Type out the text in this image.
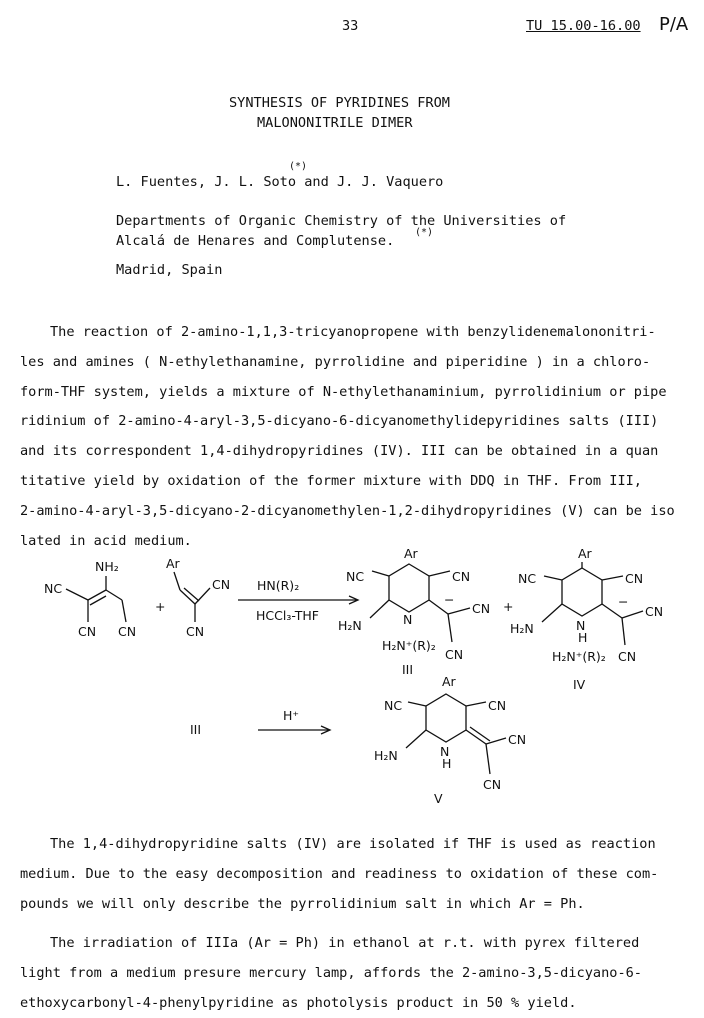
33	TU 15.00-16.00 P/A
SYNTHESIS OF PYRIDINES FROM
MALONONITRILE DIMER
L. Fuentes, J. L. Soto and J. J. Vaquero
(*)
Departments of Organic Chemistry of the Universities of
Alcalá de Henares and Complutense.
(*)
Madrid, Spain
The reaction of 2-amino-1,1,3-tricyanopropene with benzylidenemalononitri-
les and amines ( N-ethylethanamine, pyrrolidine and piperidine ) in a chloro-
form-THF system, yields a mixture of N-ethylethanaminium, pyrrolidinium or pipe
ridinium of 2-amino-4-aryl-3,5-dicyano-6-dicyanomethylidepyridines salts (III)
and its correspondent 1,4-dihydropyridines (IV). III can be obtained in a quan
titative yield by oxidation of the former mixture with DDQ in THF. From III,
2-amino-4-aryl-3,5-dicyano-2-dicyanomethylen-1,2-dihydropyridines (V) can be iso
lated in acid medium.
NC
NH₂
CN CN
+
Ar
CN
CN
HN(R)₂
HCCl₃-THF
Ar
NC	CN
H₂N	N
−
CN
CN
H₂N⁺(R)₂
III
+
Ar
NC	CN
H₂N	N
H
−
CN
CN
H₂N⁺(R)₂
IV
III
H⁺
Ar
NC	CN
H₂N	N
H
CN
CN
V
The 1,4-dihydropyridine salts (IV) are isolated if THF is used as reaction
medium. Due to the easy decomposition and readiness to oxidation of these com-
pounds we will only describe the pyrrolidinium salt in which Ar = Ph.
The irradiation of IIIa (Ar = Ph) in ethanol at r.t. with pyrex filtered
light from a medium presure mercury lamp, affords the 2-amino-3,5-dicyano-6-
ethoxycarbonyl-4-phenylpyridine as photolysis product in 50 % yield.
